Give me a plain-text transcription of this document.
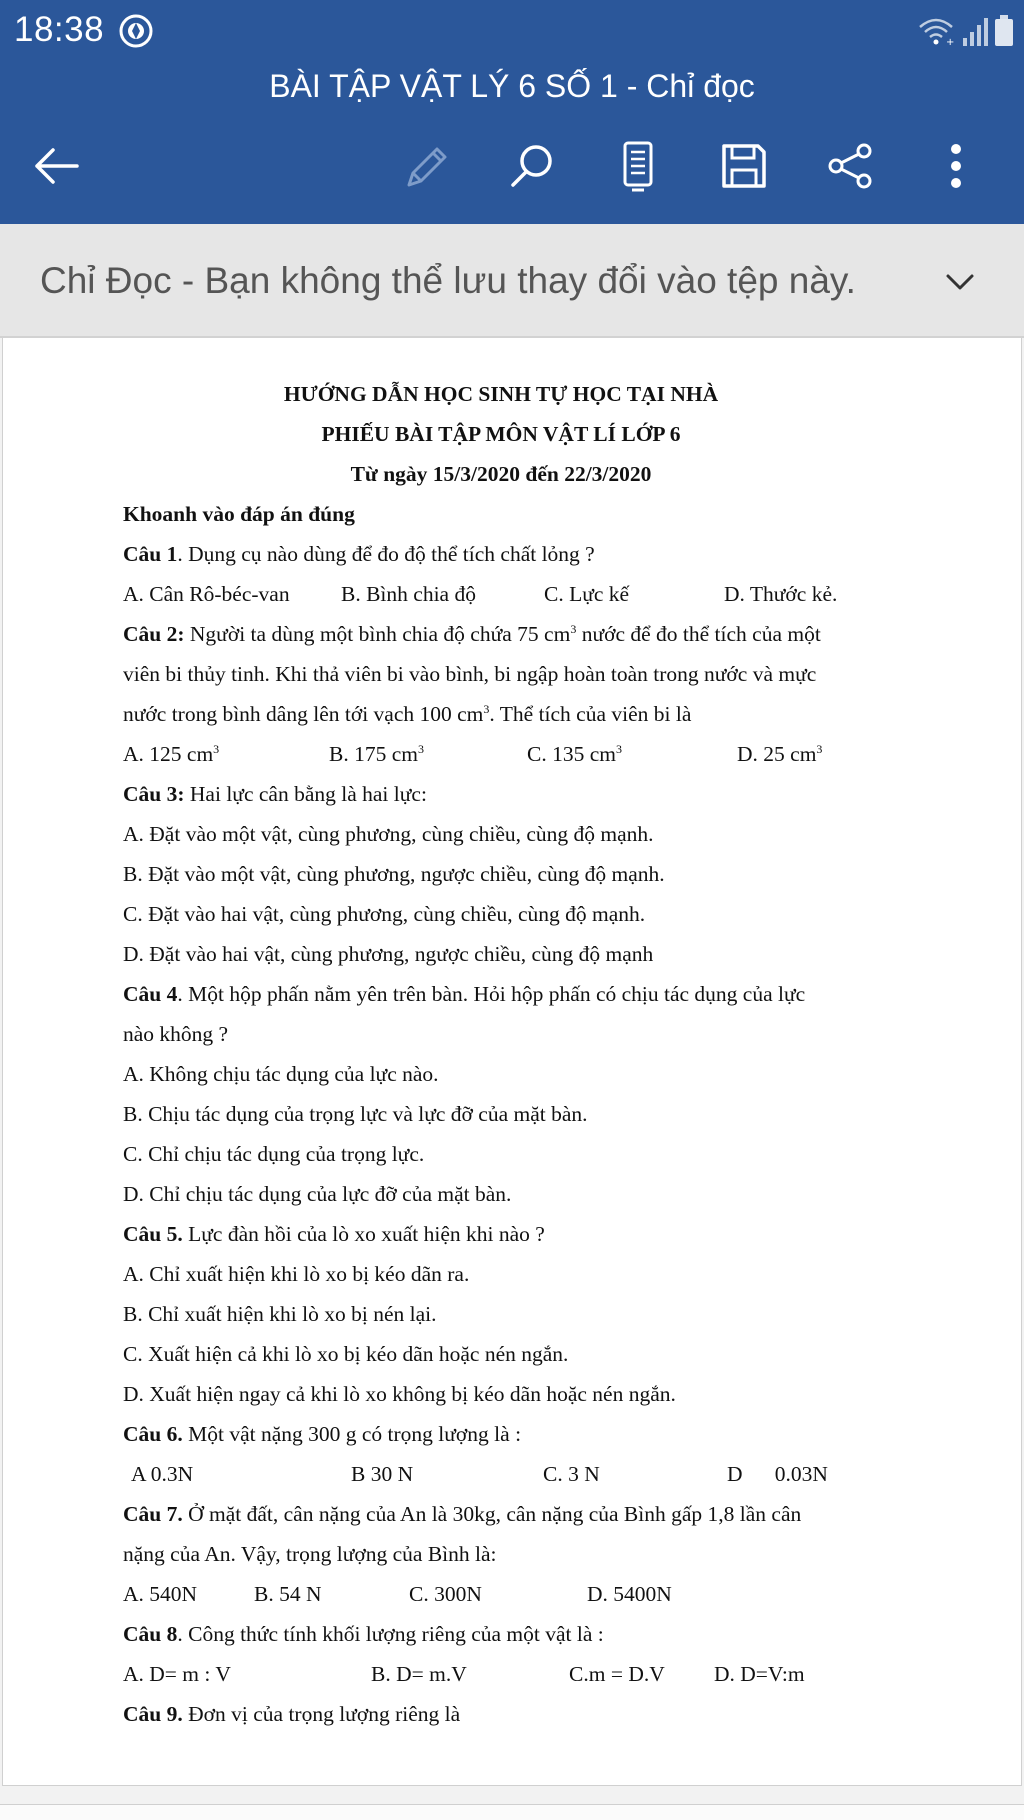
18:38	+
BÀI TẬP VẬT LÝ 6 SỐ 1 - Chỉ đọc
Chỉ Đọc - Bạn không thể lưu thay đổi vào tệp này.
HƯỚNG DẪN HỌC SINH TỰ HỌC TẠI NHÀ
PHIẾU BÀI TẬP MÔN VẬT LÍ LỚP 6
Từ ngày 15/3/2020 đến 22/3/2020
Khoanh vào đáp án đúng
Câu 1. Dụng cụ nào dùng để đo độ thể tích chất lỏng ?
A. Cân Rô-béc-van B. Bình chia độ	C. Lực kế	D. Thước kẻ.
Câu 2: Người ta dùng một bình chia độ chứa 75 $cm^3$ nước để đo thể tích của một
viên bi thủy tinh. Khi thả viên bi vào bình, bi ngập hoàn toàn trong nước và mực
nước trong bình dâng lên tới vạch 100 $cm^3$. Thể tích của viên bi là
A. 125 $cm^3$	B. 175 $cm^3$	C. 135 $cm^3$	D. 25 $cm^3$
Câu 3: Hai lực cân bằng là hai lực:
A. Đặt vào một vật, cùng phương, cùng chiều, cùng độ mạnh.
B. Đặt vào một vật, cùng phương, ngược chiều, cùng độ mạnh.
C. Đặt vào hai vật, cùng phương, cùng chiều, cùng độ mạnh.
D. Đặt vào hai vật, cùng phương, ngược chiều, cùng độ mạnh
Câu 4. Một hộp phấn nằm yên trên bàn. Hỏi hộp phấn có chịu tác dụng của lực
nào không ?
A. Không chịu tác dụng của lực nào.
B. Chịu tác dụng của trọng lực và lực đỡ của mặt bàn.
C. Chỉ chịu tác dụng của trọng lực.
D. Chỉ chịu tác dụng của lực đỡ của mặt bàn.
Câu 5. Lực đàn hồi của lò xo xuất hiện khi nào ?
A. Chỉ xuất hiện khi lò xo bị kéo dãn ra.
B. Chỉ xuất hiện khi lò xo bị nén lại.
C. Xuất hiện cả khi lò xo bị kéo dãn hoặc nén ngắn.
D. Xuất hiện ngay cả khi lò xo không bị kéo dãn hoặc nén ngắn.
Câu 6. Một vật nặng 300 g có trọng lượng là :
A 0.3N	B 30 N	C. 3 N	D      0.03N
Câu 7. Ở mặt đất, cân nặng của An là 30kg, cân nặng của Bình gấp 1,8 lần cân
nặng của An. Vậy, trọng lượng của Bình là:
A. 540N	B. 54 N	C. 300N	D. 5400N
Câu 8. Công thức tính khối lượng riêng của một vật là :
A. D= m : V	B. D= m.V	C.m = D.V D. D=V:m
Câu 9. Đơn vị của trọng lượng riêng là
